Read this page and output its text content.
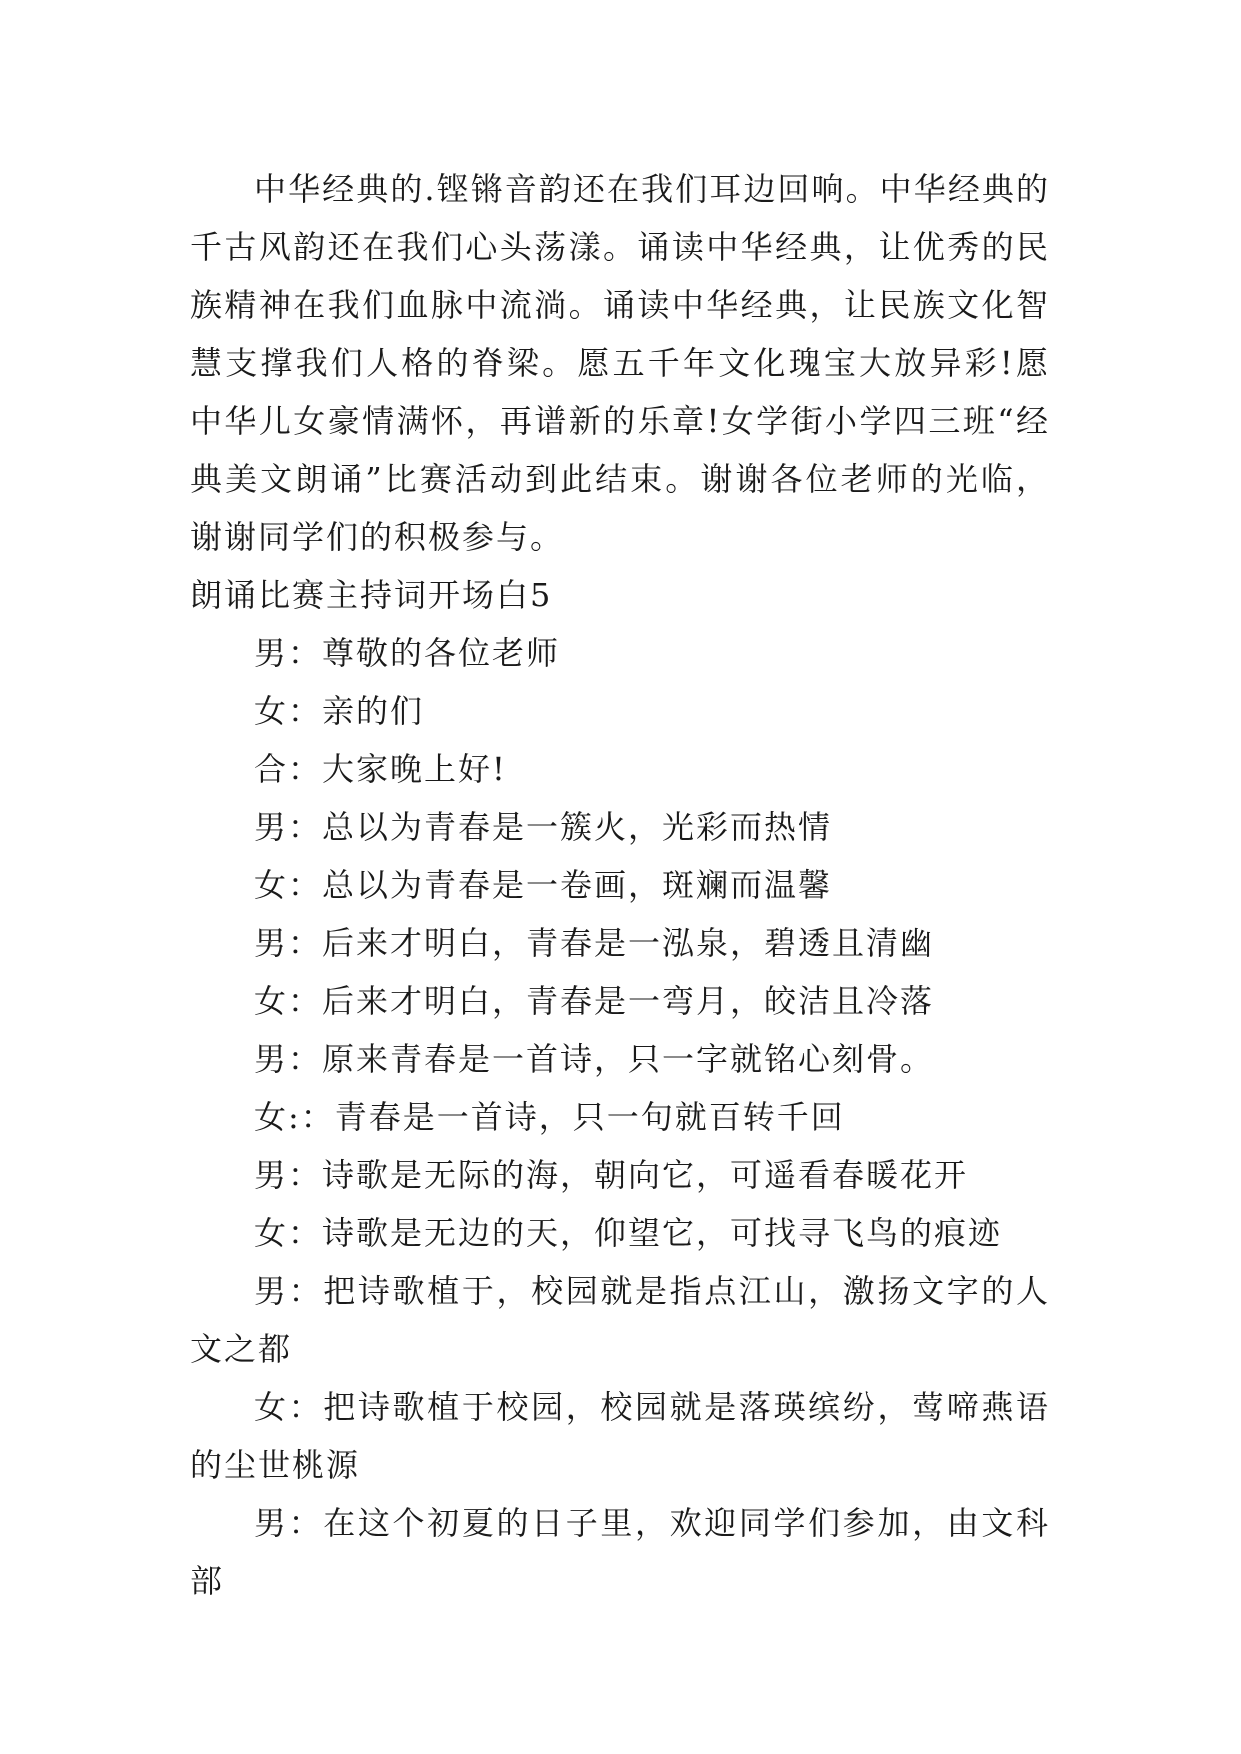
中华经典的.铿锵音韵还在我们耳边回响。中华经典的千古风韵还在我们心头荡漾。诵读中华经典，让优秀的民族精神在我们血脉中流淌。诵读中华经典，让民族文化智慧支撑我们人格的脊梁。愿五千年文化瑰宝大放异彩!愿中华儿女豪情满怀，再谱新的乐章!女学街小学四三班“经典美文朗诵”比赛活动到此结束。谢谢各位老师的光临，谢谢同学们的积极参与。

朗诵比赛主持词开场白5

男：尊敬的各位老师

女：亲的们

合：大家晚上好!

男：总以为青春是一簇火，光彩而热情

女：总以为青春是一卷画，斑斓而温馨

男：后来才明白，青春是一泓泉，碧透且清幽

女：后来才明白，青春是一弯月，皎洁且冷落

男：原来青春是一首诗，只一字就铭心刻骨。

女:：青春是一首诗，只一句就百转千回

男：诗歌是无际的海，朝向它，可遥看春暖花开

女：诗歌是无边的天，仰望它，可找寻飞鸟的痕迹

男：把诗歌植于，校园就是指点江山，激扬文字的人文之都

女：把诗歌植于校园，校园就是落瑛缤纷，莺啼燕语的尘世桃源

男：在这个初夏的日子里，欢迎同学们参加，由文科部
